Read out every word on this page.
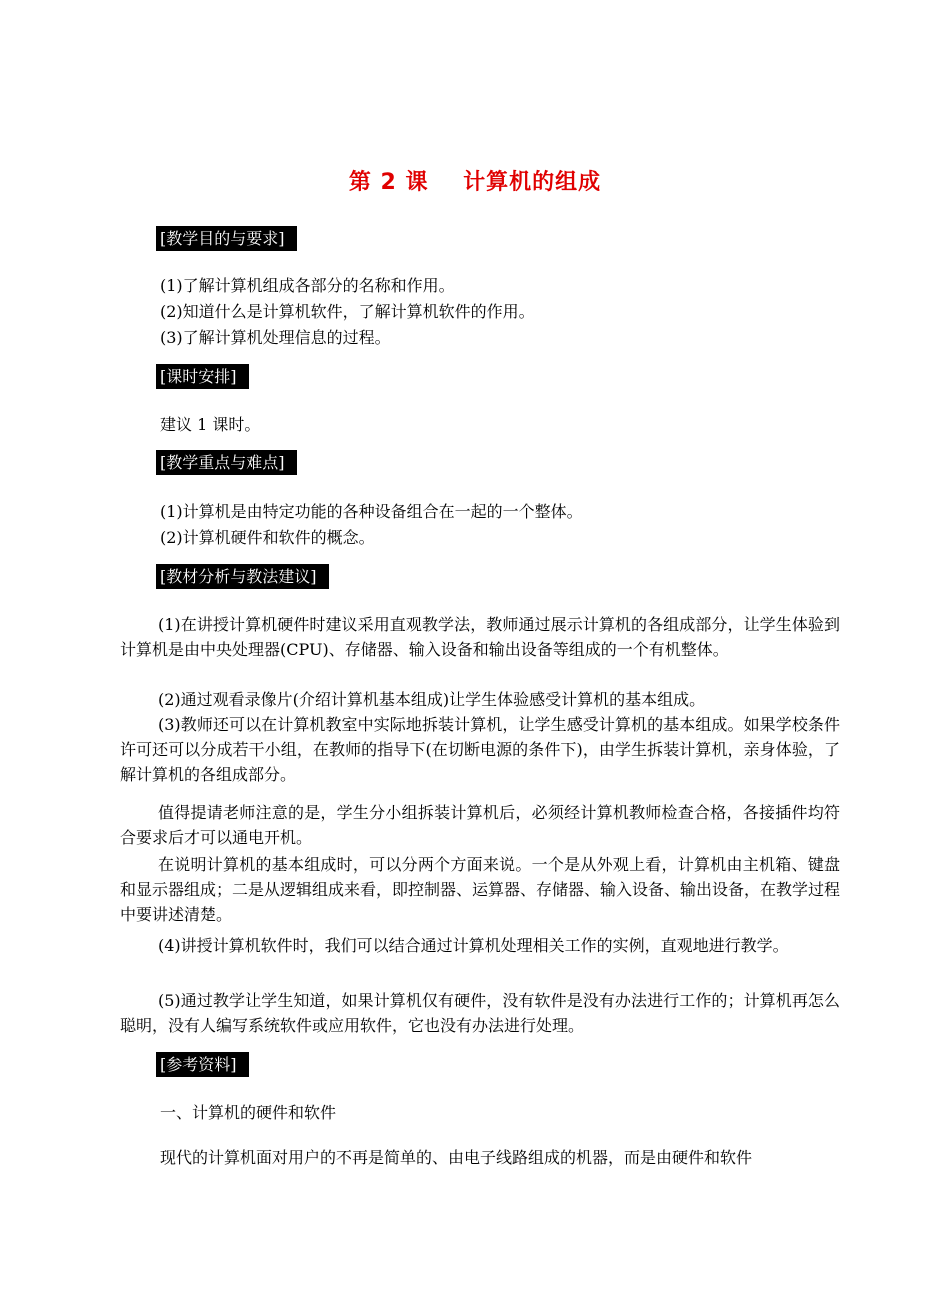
第 2 课 计算机的组成
[教学目的与要求]
(1)了解计算机组成各部分的名称和作用。
(2)知道什么是计算机软件，了解计算机软件的作用。
(3)了解计算机处理信息的过程。
[课时安排]
建议 1 课时。
[教学重点与难点]
(1)计算机是由特定功能的各种设备组合在一起的一个整体。
(2)计算机硬件和软件的概念。
[教材分析与教法建议]
(1)在讲授计算机硬件时建议采用直观教学法，教师通过展示计算机的各组成部分，让学生体验到计算机是由中央处理器(CPU)、存储器、输入设备和输出设备等组成的一个有机整体。
(2)通过观看录像片(介绍计算机基本组成)让学生体验感受计算机的基本组成。
(3)教师还可以在计算机教室中实际地拆装计算机，让学生感受计算机的基本组成。如果学校条件许可还可以分成若干小组，在教师的指导下(在切断电源的条件下)，由学生拆装计算机，亲身体验，了解计算机的各组成部分。
值得提请老师注意的是，学生分小组拆装计算机后，必须经计算机教师检查合格，各接插件均符合要求后才可以通电开机。
在说明计算机的基本组成时，可以分两个方面来说。一个是从外观上看，计算机由主机箱、键盘和显示器组成；二是从逻辑组成来看，即控制器、运算器、存储器、输入设备、输出设备，在教学过程中要讲述清楚。
(4)讲授计算机软件时，我们可以结合通过计算机处理相关工作的实例，直观地进行教学。
(5)通过教学让学生知道，如果计算机仅有硬件，没有软件是没有办法进行工作的；计算机再怎么聪明，没有人编写系统软件或应用软件，它也没有办法进行处理。
[参考资料]
一、计算机的硬件和软件
现代的计算机面对用户的不再是简单的、由电子线路组成的机器，而是由硬件和软件
